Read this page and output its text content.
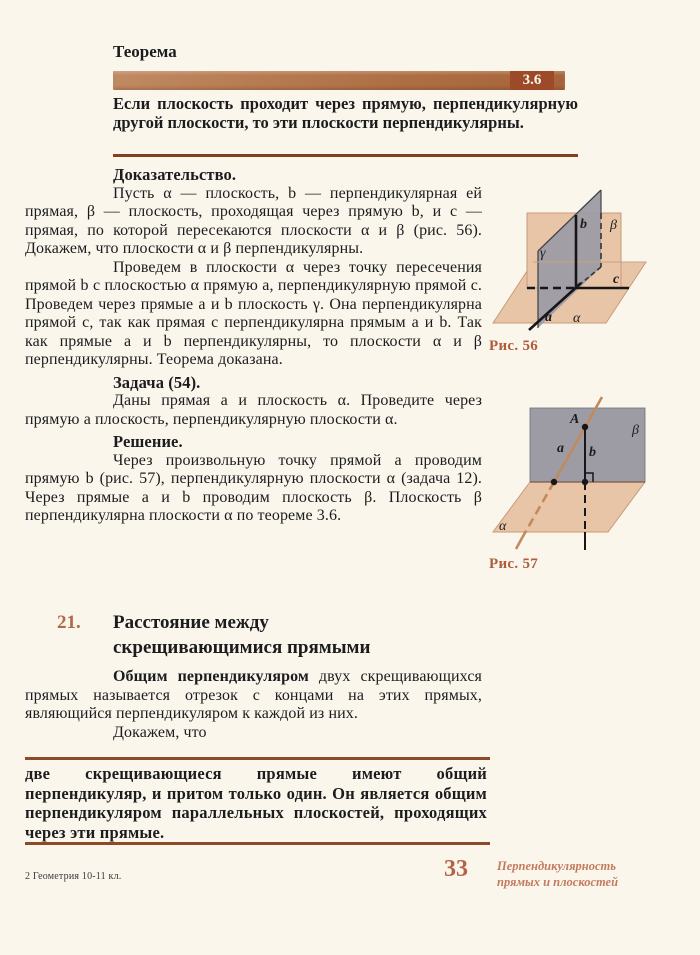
Теорема
3.6
Если плоскость проходит через прямую, перпендикулярную другой плоскости, то эти плоскости перпендикулярны.
Доказательство.

Пусть α — плоскость, b — перпендикулярная ей прямая, β — плоскость, проходящая через прямую b, и c — прямая, по которой пересекаются плоскости α и β (рис. 56). Докажем, что плоскости α и β перпендикулярны.

Проведем в плоскости α через точку пересечения прямой b с плоскостью α прямую a, перпендикулярную прямой c. Проведем через прямые a и b плоскость γ. Она перпендикулярна прямой c, так как прямая c перпендикулярна прямым a и b. Так как прямые a и b перпендикулярны, то плоскости α и β перпендикулярны. Теорема доказана.

Задача (54).

Даны прямая a и плоскость α. Проведите через прямую a плоскость, перпендикулярную плоскости α.

Решение.

Через произвольную точку прямой a проводим прямую b (рис. 57), перпендикулярную плоскости α (задача 12). Через прямые a и b проводим плоскость β. Плоскость β перпендикулярна плоскости α по теореме 3.6.

21. Расстояние между
скрещивающимися прямыми

Общим перпендикуляром двух скрещивающихся прямых называется отрезок с концами на этих прямых, являющийся перпендикуляром к каждой из них.

Докажем, что

две скрещивающиеся прямые имеют общий перпендикуляр, и притом только один. Он является общим перпендикуляром параллельных плоскостей, проходящих через эти прямые.
b β
γ
c
a α
Рис. 56
A
β
a b
α
Рис. 57
2 Геометрия 10-11 кл.	33 Перпендикулярность
прямых и плоскостей
